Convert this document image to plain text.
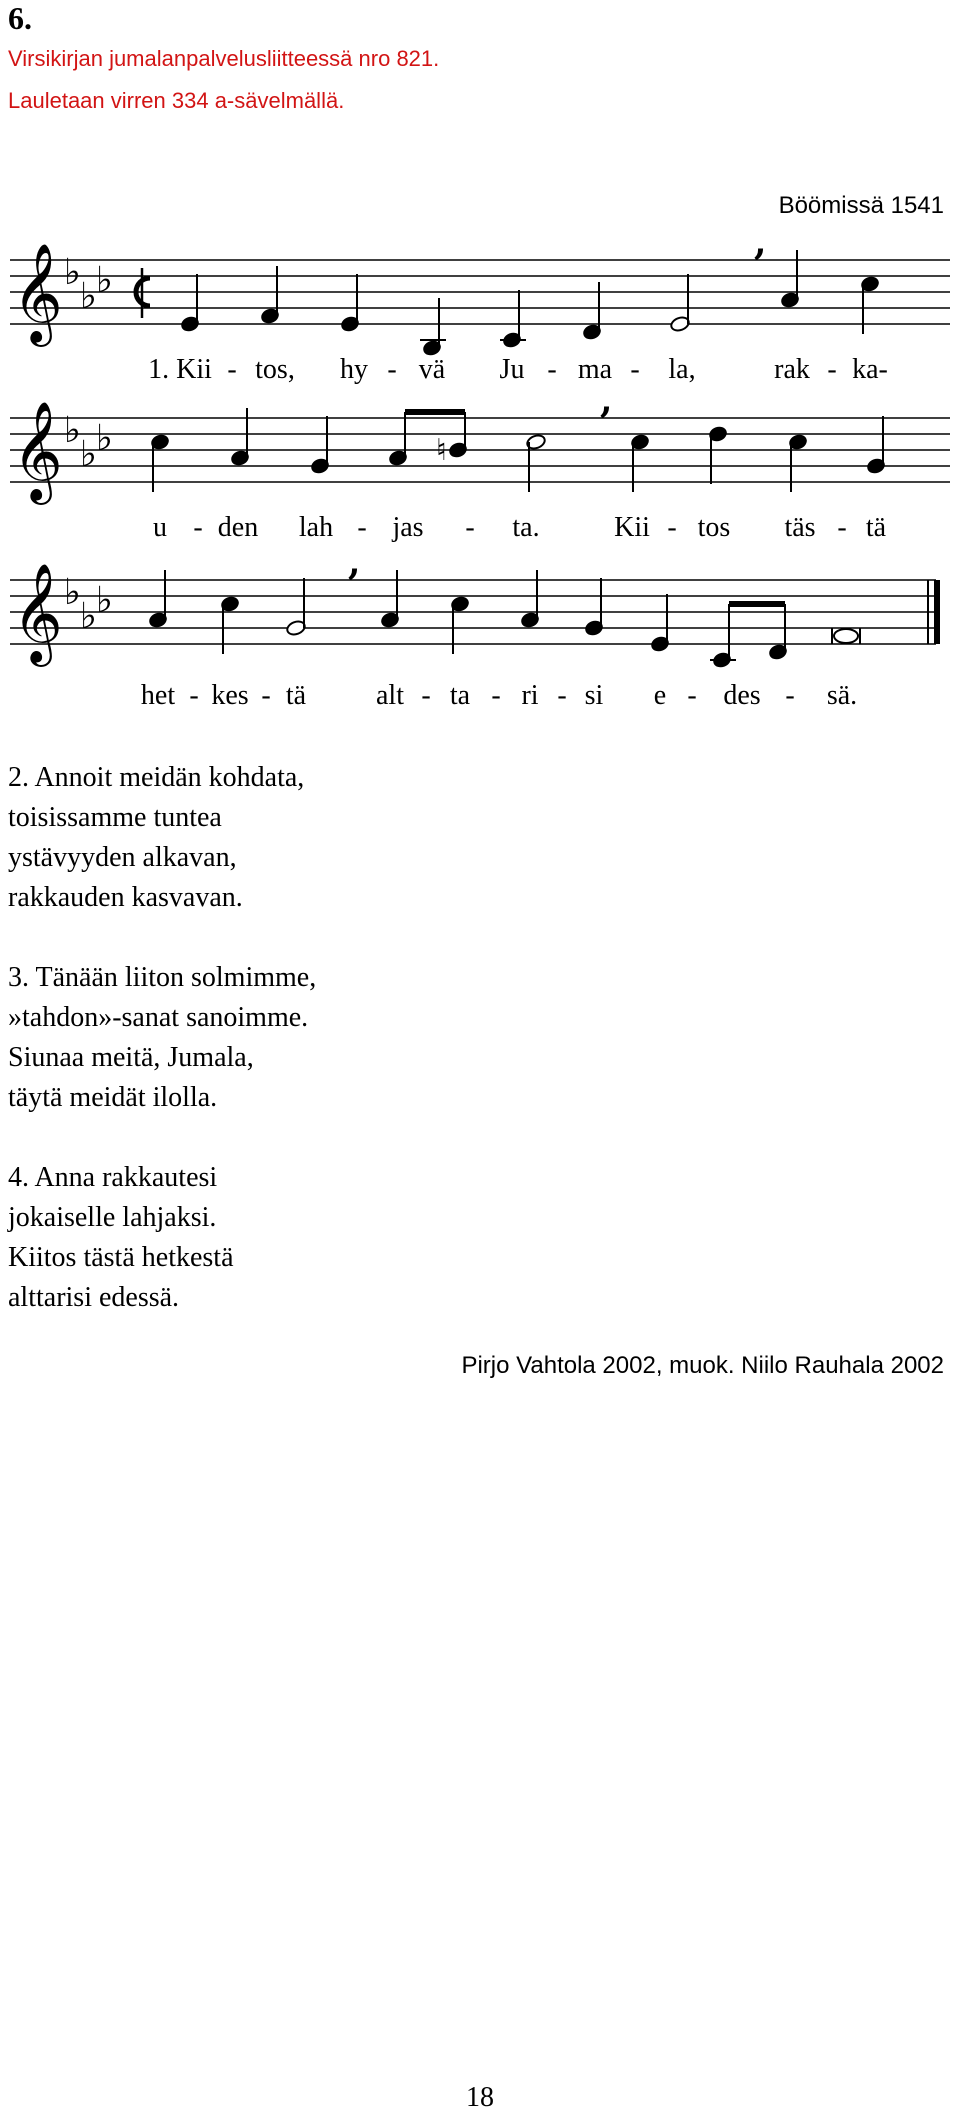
6.
Virsikirjan jumalanpalvelusliitteessä nro 821.
Lauletaan virren 334 a-sävelmällä.
Böömissä 1541
𝄞 ♭
♭ ♭
,
1. Kii - tos, hy - vä Ju - ma - la,	rak - ka-
𝄞 ♭
♭ ♭	♮
,
u - den lah - jas - ta.	Kii - tos täs - tä
𝄞 ♭
♭ ♭
,
het - kes - tä alt - ta - ri - si e - des - sä.
2. Annoit meidän kohdata,
toisissamme tuntea
ystävyyden alkavan,
rakkauden kasvavan.
3. Tänään liiton solmimme,
»tahdon»-sanat sanoimme.
Siunaa meitä, Jumala,
täytä meidät ilolla.
4. Anna rakkautesi
jokaiselle lahjaksi.
Kiitos tästä hetkestä
alttarisi edessä.
Pirjo Vahtola 2002, muok. Niilo Rauhala 2002
18
